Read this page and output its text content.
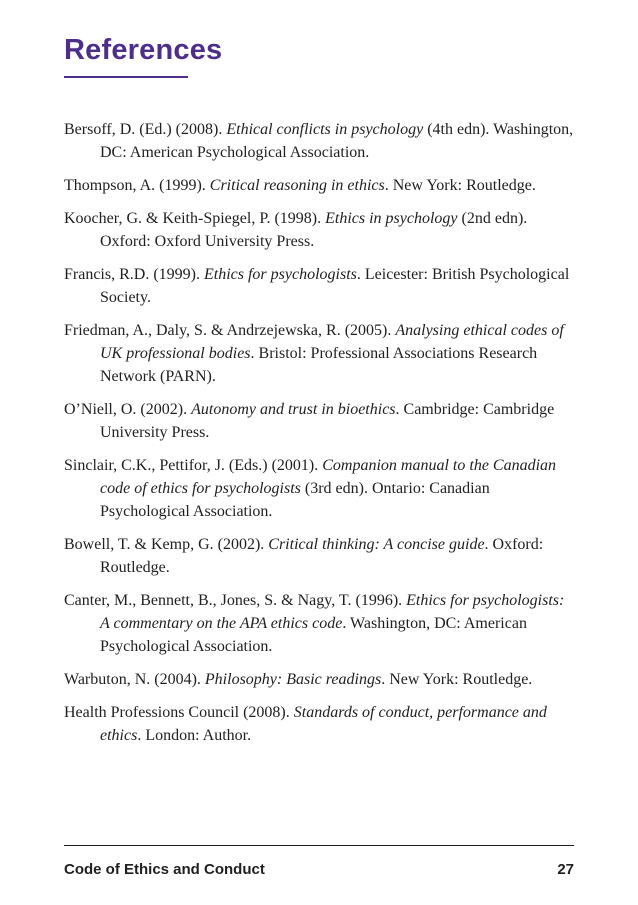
References

Bersoff, D. (Ed.) (2008). Ethical conflicts in psychology (4th edn). Washington, DC: American Psychological Association.

Thompson, A. (1999). Critical reasoning in ethics. New York: Routledge.

Koocher, G. & Keith-Spiegel, P. (1998). Ethics in psychology (2nd edn). Oxford: Oxford University Press.

Francis, R.D. (1999). Ethics for psychologists. Leicester: British Psychological Society.

Friedman, A., Daly, S. & Andrzejewska, R. (2005). Analysing ethical codes of UK professional bodies. Bristol: Professional Associations Research Network (PARN).

O’Niell, O. (2002). Autonomy and trust in bioethics. Cambridge: Cambridge University Press.

Sinclair, C.K., Pettifor, J. (Eds.) (2001). Companion manual to the Canadian code of ethics for psychologists (3rd edn). Ontario: Canadian Psychological Association.

Bowell, T. & Kemp, G. (2002). Critical thinking: A concise guide. Oxford: Routledge.

Canter, M., Bennett, B., Jones, S. & Nagy, T. (1996). Ethics for psychologists: A commentary on the APA ethics code. Washington, DC: American Psychological Association.

Warbuton, N. (2004). Philosophy: Basic readings. New York: Routledge.

Health Professions Council (2008). Standards of conduct, performance and ethics. London: Author.

Code of Ethics and Conduct	27
